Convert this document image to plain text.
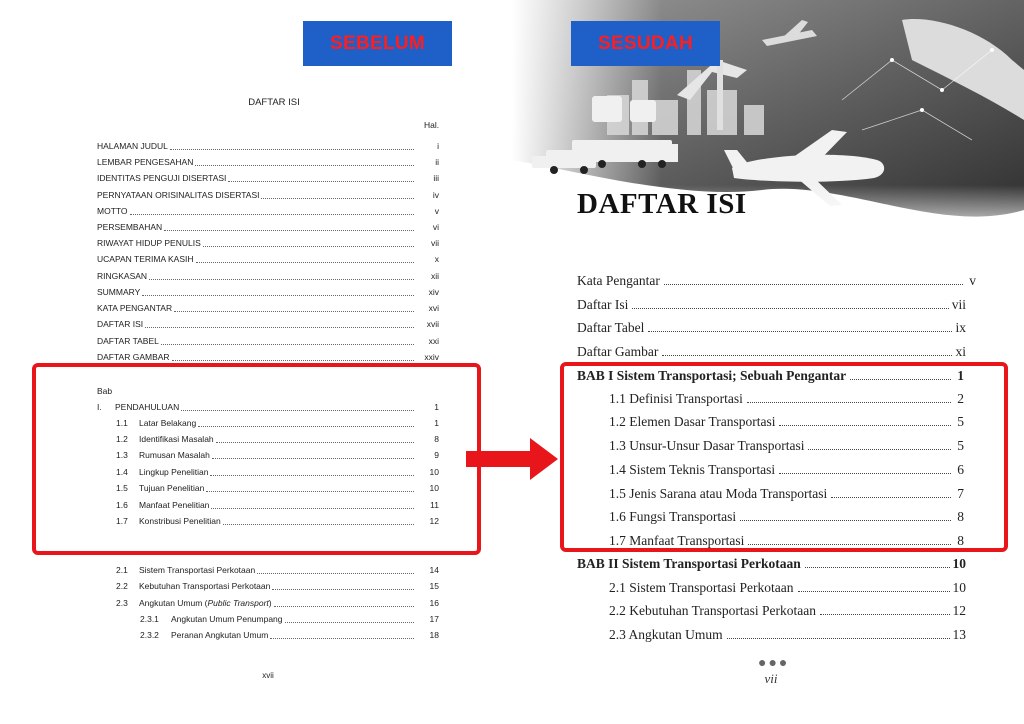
SEBELUM
DAFTAR ISI
Hal.
HALAMAN JUDUL	i
LEMBAR PENGESAHAN	ii
IDENTITAS PENGUJI DISERTASI	iii
PERNYATAAN ORISINALITAS DISERTASI	iv
MOTTO	v
PERSEMBAHAN	vi
RIWAYAT HIDUP PENULIS	vii
UCAPAN TERIMA KASIH	x
RINGKASAN	xii
SUMMARY	xiv
KATA PENGANTAR	xvi
DAFTAR ISI	xvii
DAFTAR TABEL	xxi
DAFTAR GAMBAR	xxiv
Bab
I.	PENDAHULUAN	1
1.1	Latar Belakang	1
1.2	Identifikasi Masalah	8
1.3	Rumusan Masalah	9
1.4	Lingkup Penelitian	10
1.5	Tujuan Penelitian	10
1.6	Manfaat Penelitian	11
1.7	Konstribusi Penelitian	12
2.1	Sistem Transportasi Perkotaan	14
2.2	Kebutuhan Transportasi Perkotaan	15
2.3	Angkutan Umum (Public Transport)	16
2.3.1	Angkutan Umum Penumpang	17
2.3.2	Peranan Angkutan Umum	18
xvii
SESUDAH
DAFTAR ISI
Kata Pengantar	v
Daftar Isi	vii
Daftar Tabel	ix
Daftar Gambar	xi
BAB I Sistem Transportasi; Sebuah Pengantar	1
1.1 Definisi Transportasi	2
1.2 Elemen Dasar Transportasi	5
1.3 Unsur-Unsur Dasar Transportasi	5
1.4 Sistem Teknis Transportasi	6
1.5 Jenis Sarana atau Moda Transportasi	7
1.6 Fungsi Transportasi	8
1.7 Manfaat Transportasi	8
BAB II Sistem Transportasi Perkotaan	10
2.1 Sistem Transportasi Perkotaan	10
2.2 Kebutuhan Transportasi Perkotaan	12
2.3 Angkutan Umum	13
●●●
vii
